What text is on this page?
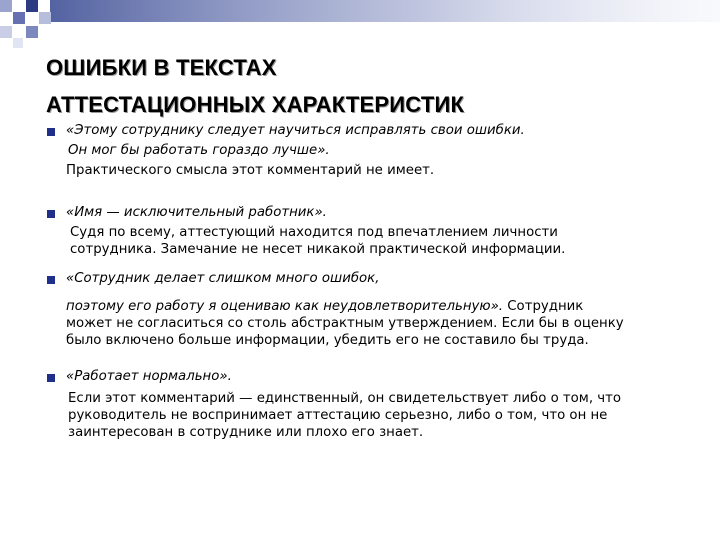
ОШИБКИ В ТЕКСТАХ
АТТЕСТАЦИОННЫХ ХАРАКТЕРИСТИК
«Этому сотруднику следует научиться исправлять свои ошибки.
Он мог бы работать гораздо лучше».
Практического смысла этот комментарий не имеет.
«Имя — исключительный работник».
Судя по всему, аттестующий находится под впечатлением личности
сотрудника. Замечание не несет никакой практической информации.
«Сотрудник делает слишком много ошибок,
поэтому его работу я оцениваю как неудовлетворительную». Сотрудник
может не согласиться со столь абстрактным утверждением. Если бы в оценку
было включено больше информации, убедить его не составило бы труда.
«Работает нормально».
Если этот комментарий — единственный, он свидетельствует либо о том, что
руководитель не воспринимает аттестацию серьезно, либо о том, что он не
заинтересован в сотруднике или плохо его знает.
